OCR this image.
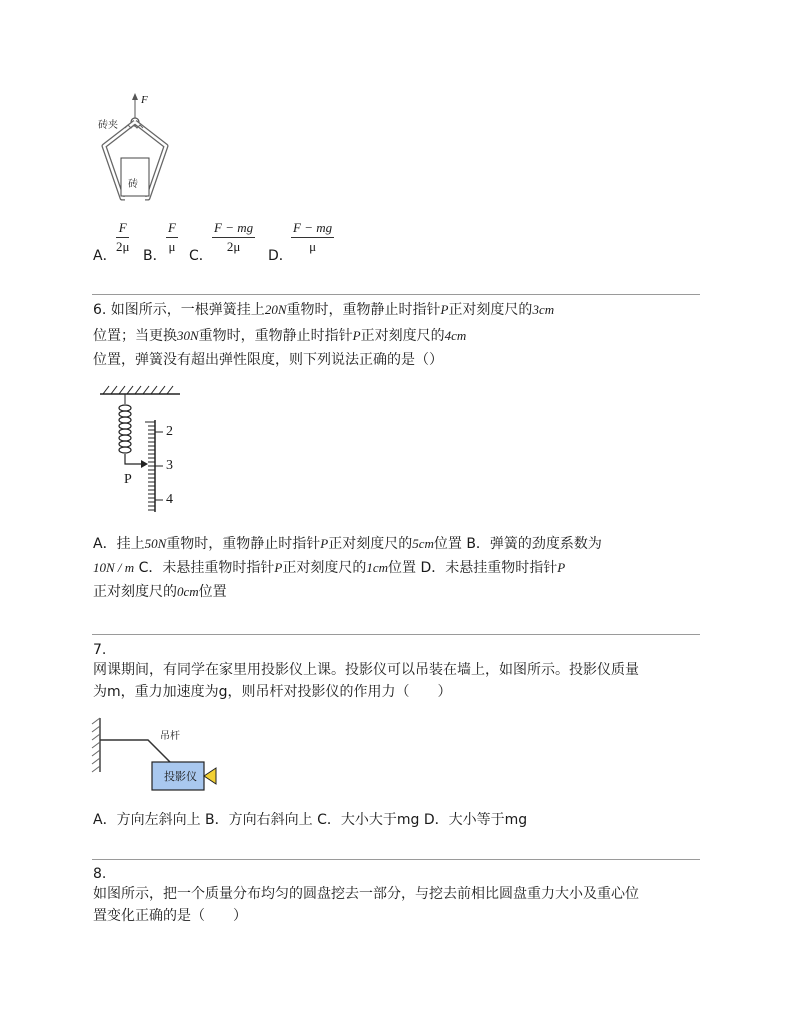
砖夹
F
砖
A．
F
2μ
B．
F
μ
C．
F − mg
2μ
D．
F − mg
μ
6. 如图所示，一根弹簧挂上20N重物时，重物静止时指针P正对刻度尺的3cm
位置；当更换30N重物时，重物静止时指针P正对刻度尺的4cm
位置，弹簧没有超出弹性限度，则下列说法正确的是（）
2
3
4
P
A．挂上50N重物时，重物静止时指针P正对刻度尺的5cm位置 B．弹簧的劲度系数为
10N / m C．未悬挂重物时指针P正对刻度尺的1cm位置 D．未悬挂重物时指针P
正对刻度尺的0cm位置
7.
网课期间，有同学在家里用投影仪上课。投影仪可以吊装在墙上，如图所示。投影仪质量
为m，重力加速度为g，则吊杆对投影仪的作用力（　　）
吊杆
投影仪
A．方向左斜向上 B．方向右斜向上 C．大小大于mg D．大小等于mg
8.
如图所示，把一个质量分布均匀的圆盘挖去一部分，与挖去前相比圆盘重力大小及重心位
置变化正确的是（　　）
